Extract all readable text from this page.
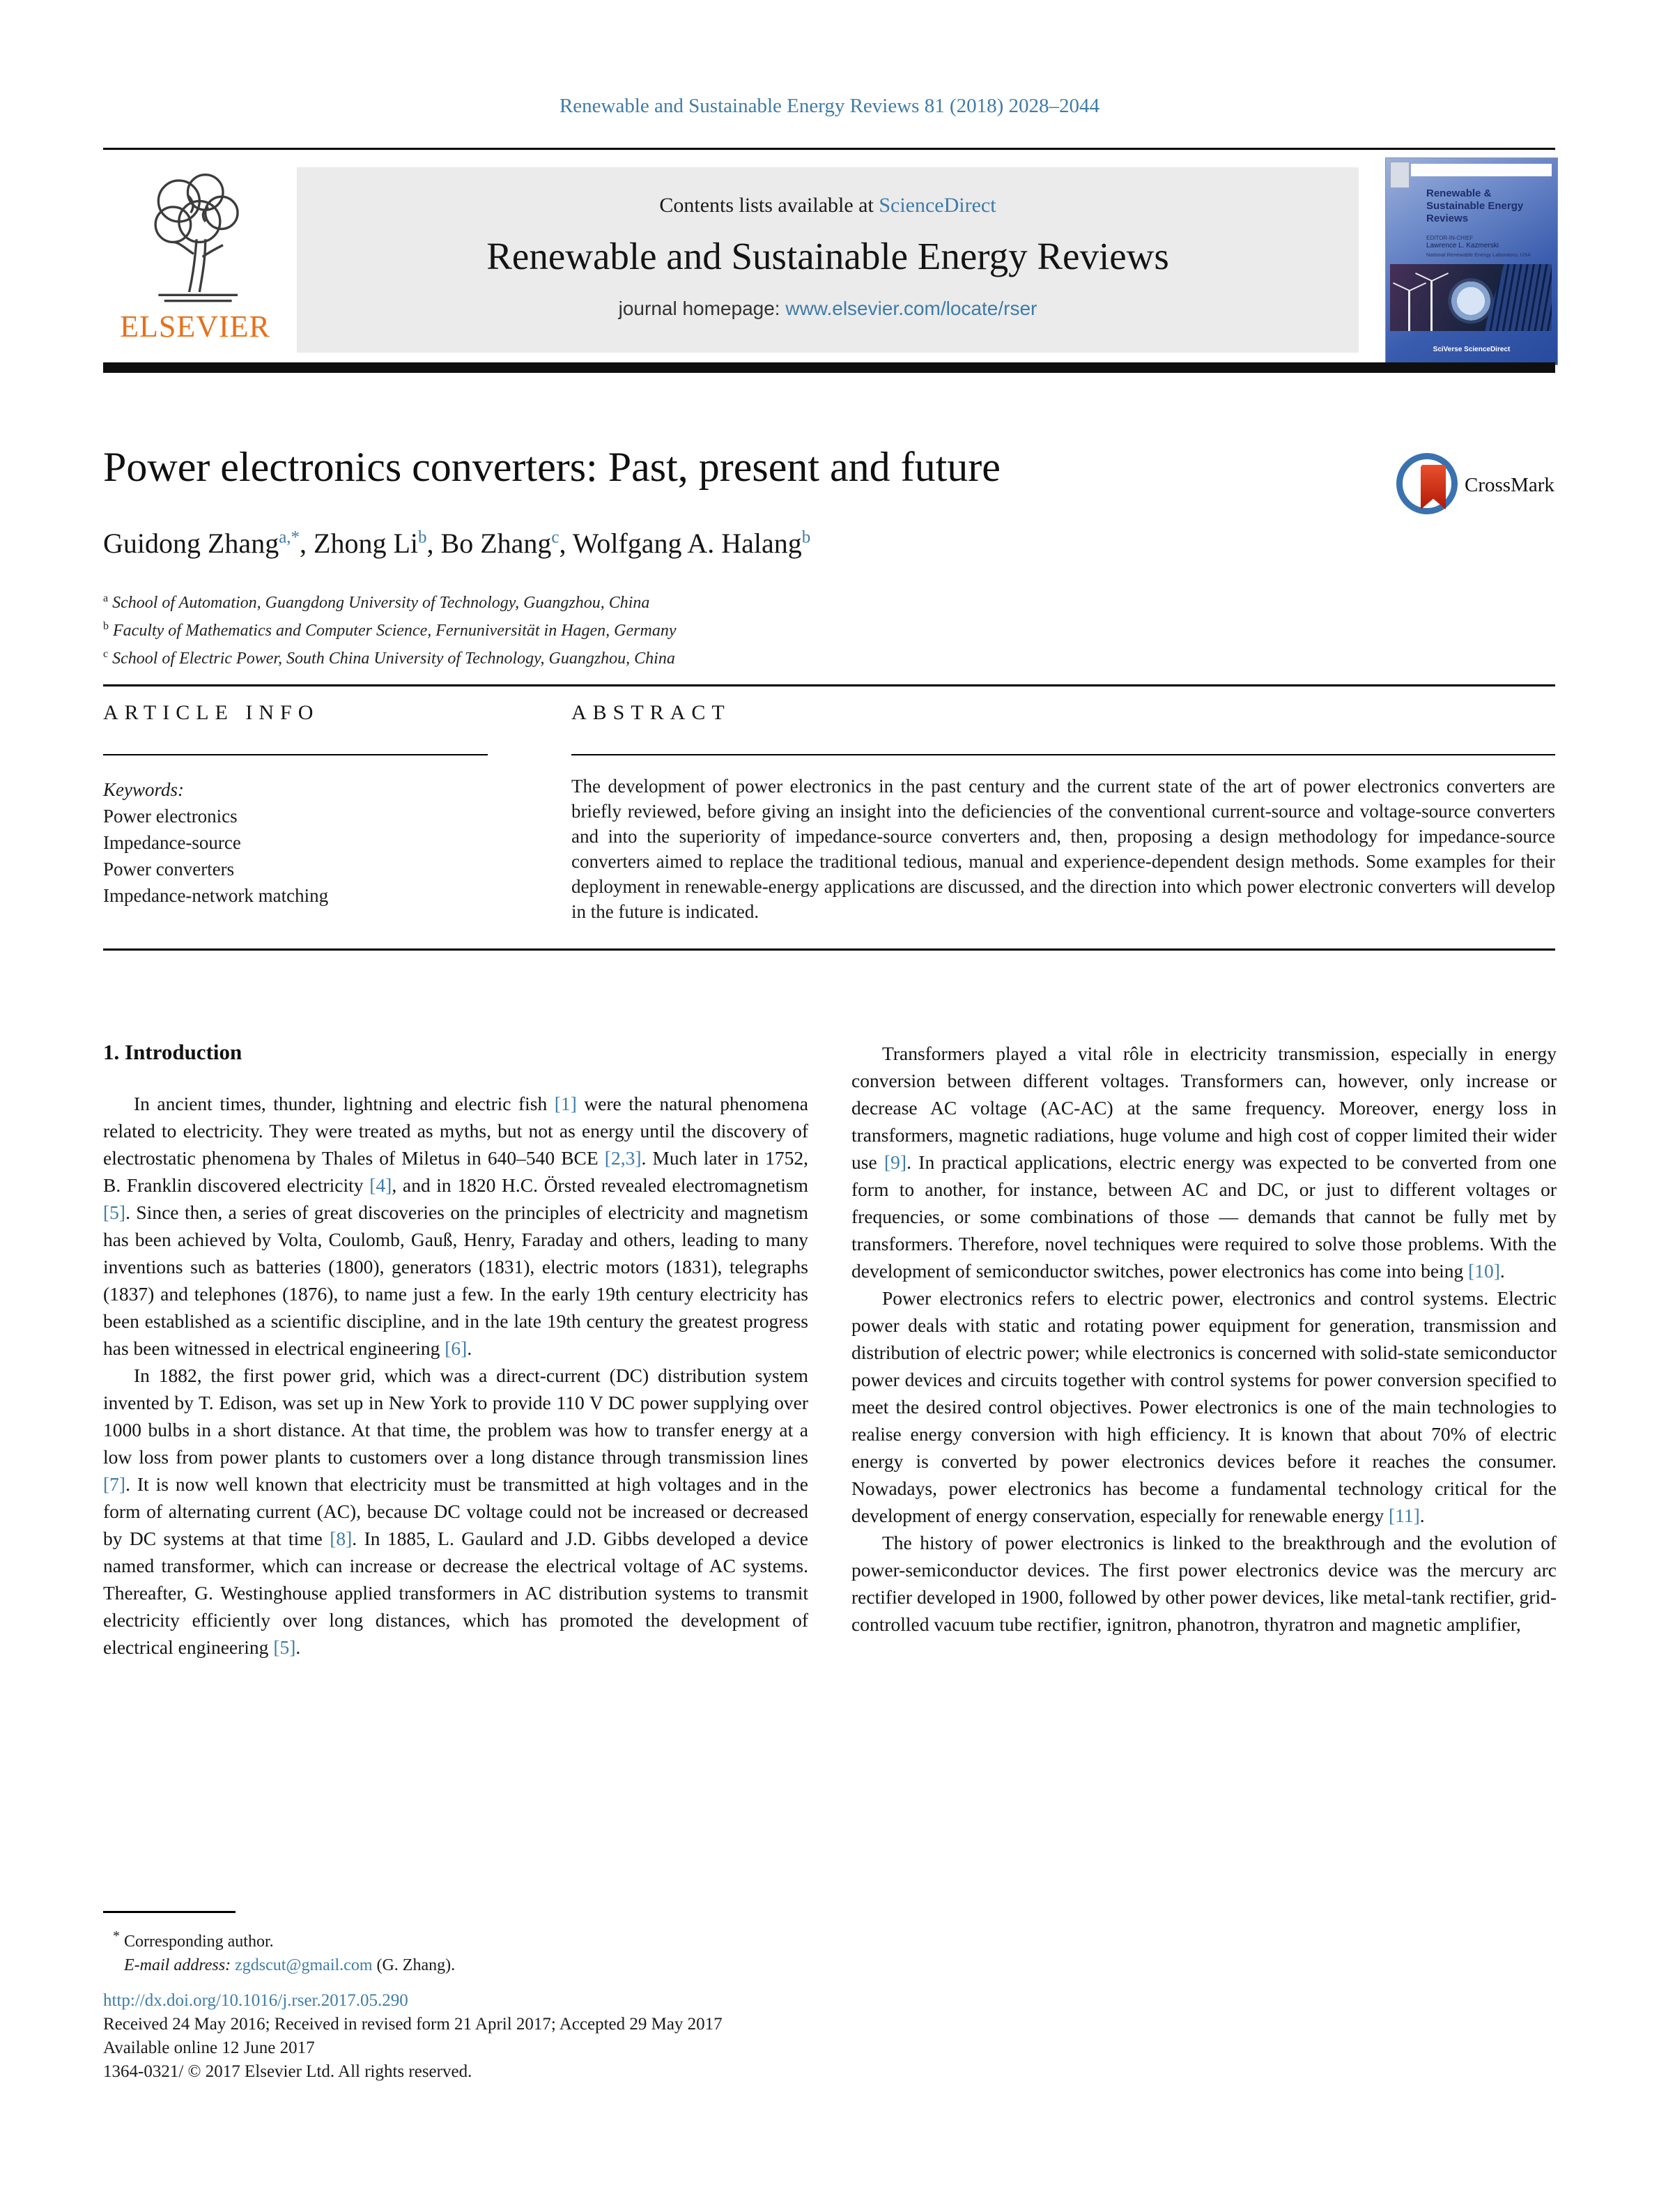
Renewable and Sustainable Energy Reviews 81 (2018) 2028–2044
ELSEVIER
Contents lists available at ScienceDirect
Renewable and Sustainable Energy Reviews
journal homepage: www.elsevier.com/locate/rser
Renewable & Sustainable Energy Reviews
EDITOR-IN-CHIEF
Lawrence L. Kazmerski
National Renewable Energy Laboratory, USA
SciVerse ScienceDirect
Power electronics converters: Past, present and future	CrossMark
Guidong Zhang$^{a,*}$, Zhong Li$^b$, Bo Zhang$^c$, Wolfgang A. Halang$^b$
$^a$ School of Automation, Guangdong University of Technology, Guangzhou, China
$^b$ Faculty of Mathematics and Computer Science, Fernuniversität in Hagen, Germany
$^c$ School of Electric Power, South China University of Technology, Guangzhou, China
ARTICLE INFO	ABSTRACT
Keywords:
Power electronics
Impedance-source
Power converters
Impedance-network matching
The development of power electronics in the past century and the current state of the art of power electronics converters are briefly reviewed, before giving an insight into the deficiencies of the conventional current-source and voltage-source converters and into the superiority of impedance-source converters and, then, proposing a design methodology for impedance-source converters aimed to replace the traditional tedious, manual and experience-dependent design methods. Some examples for their deployment in renewable-energy applications are discussed, and the direction into which power electronic converters will develop in the future is indicated.
1. Introduction

In ancient times, thunder, lightning and electric fish [1] were the natural phenomena related to electricity. They were treated as myths, but not as energy until the discovery of electrostatic phenomena by Thales of Miletus in 640–540 BCE [2,3]. Much later in 1752, B. Franklin discovered electricity [4], and in 1820 H.C. Örsted revealed electromagnetism [5]. Since then, a series of great discoveries on the principles of electricity and magnetism has been achieved by Volta, Coulomb, Gauß, Henry, Faraday and others, leading to many inventions such as batteries (1800), generators (1831), electric motors (1831), telegraphs (1837) and telephones (1876), to name just a few. In the early 19th century electricity has been established as a scientific discipline, and in the late 19th century the greatest progress has been witnessed in electrical engineering [6].

In 1882, the first power grid, which was a direct-current (DC) distribution system invented by T. Edison, was set up in New York to provide 110 V DC power supplying over 1000 bulbs in a short distance. At that time, the problem was how to transfer energy at a low loss from power plants to customers over a long distance through transmission lines [7]. It is now well known that electricity must be transmitted at high voltages and in the form of alternating current (AC), because DC voltage could not be increased or decreased by DC systems at that time [8]. In 1885, L. Gaulard and J.D. Gibbs developed a device named transformer, which can increase or decrease the electrical voltage of AC systems. Thereafter, G. Westinghouse applied transformers in AC distribution systems to transmit electricity efficiently over long distances, which has promoted the development of electrical engineering [5].

Transformers played a vital rôle in electricity transmission, especially in energy conversion between different voltages. Transformers can, however, only increase or decrease AC voltage (AC-AC) at the same frequency. Moreover, energy loss in transformers, magnetic radiations, huge volume and high cost of copper limited their wider use [9]. In practical applications, electric energy was expected to be converted from one form to another, for instance, between AC and DC, or just to different voltages or frequencies, or some combinations of those — demands that cannot be fully met by transformers. Therefore, novel techniques were required to solve those problems. With the development of semiconductor switches, power electronics has come into being [10].

Power electronics refers to electric power, electronics and control systems. Electric power deals with static and rotating power equipment for generation, transmission and distribution of electric power; while electronics is concerned with solid-state semiconductor power devices and circuits together with control systems for power conversion specified to meet the desired control objectives. Power electronics is one of the main technologies to realise energy conversion with high efficiency. It is known that about 70% of electric energy is converted by power electronics devices before it reaches the consumer. Nowadays, power electronics has become a fundamental technology critical for the development of energy conservation, especially for renewable energy [11].

The history of power electronics is linked to the breakthrough and the evolution of power-semiconductor devices. The first power electronics device was the mercury arc rectifier developed in 1900, followed by other power devices, like metal-tank rectifier, grid-controlled vacuum tube rectifier, ignitron, phanotron, thyratron and magnetic amplifier,

* Corresponding author.
E-mail address: zgdscut@gmail.com (G. Zhang).
http://dx.doi.org/10.1016/j.rser.2017.05.290
Received 24 May 2016; Received in revised form 21 April 2017; Accepted 29 May 2017
Available online 12 June 2017
1364-0321/ © 2017 Elsevier Ltd. All rights reserved.
